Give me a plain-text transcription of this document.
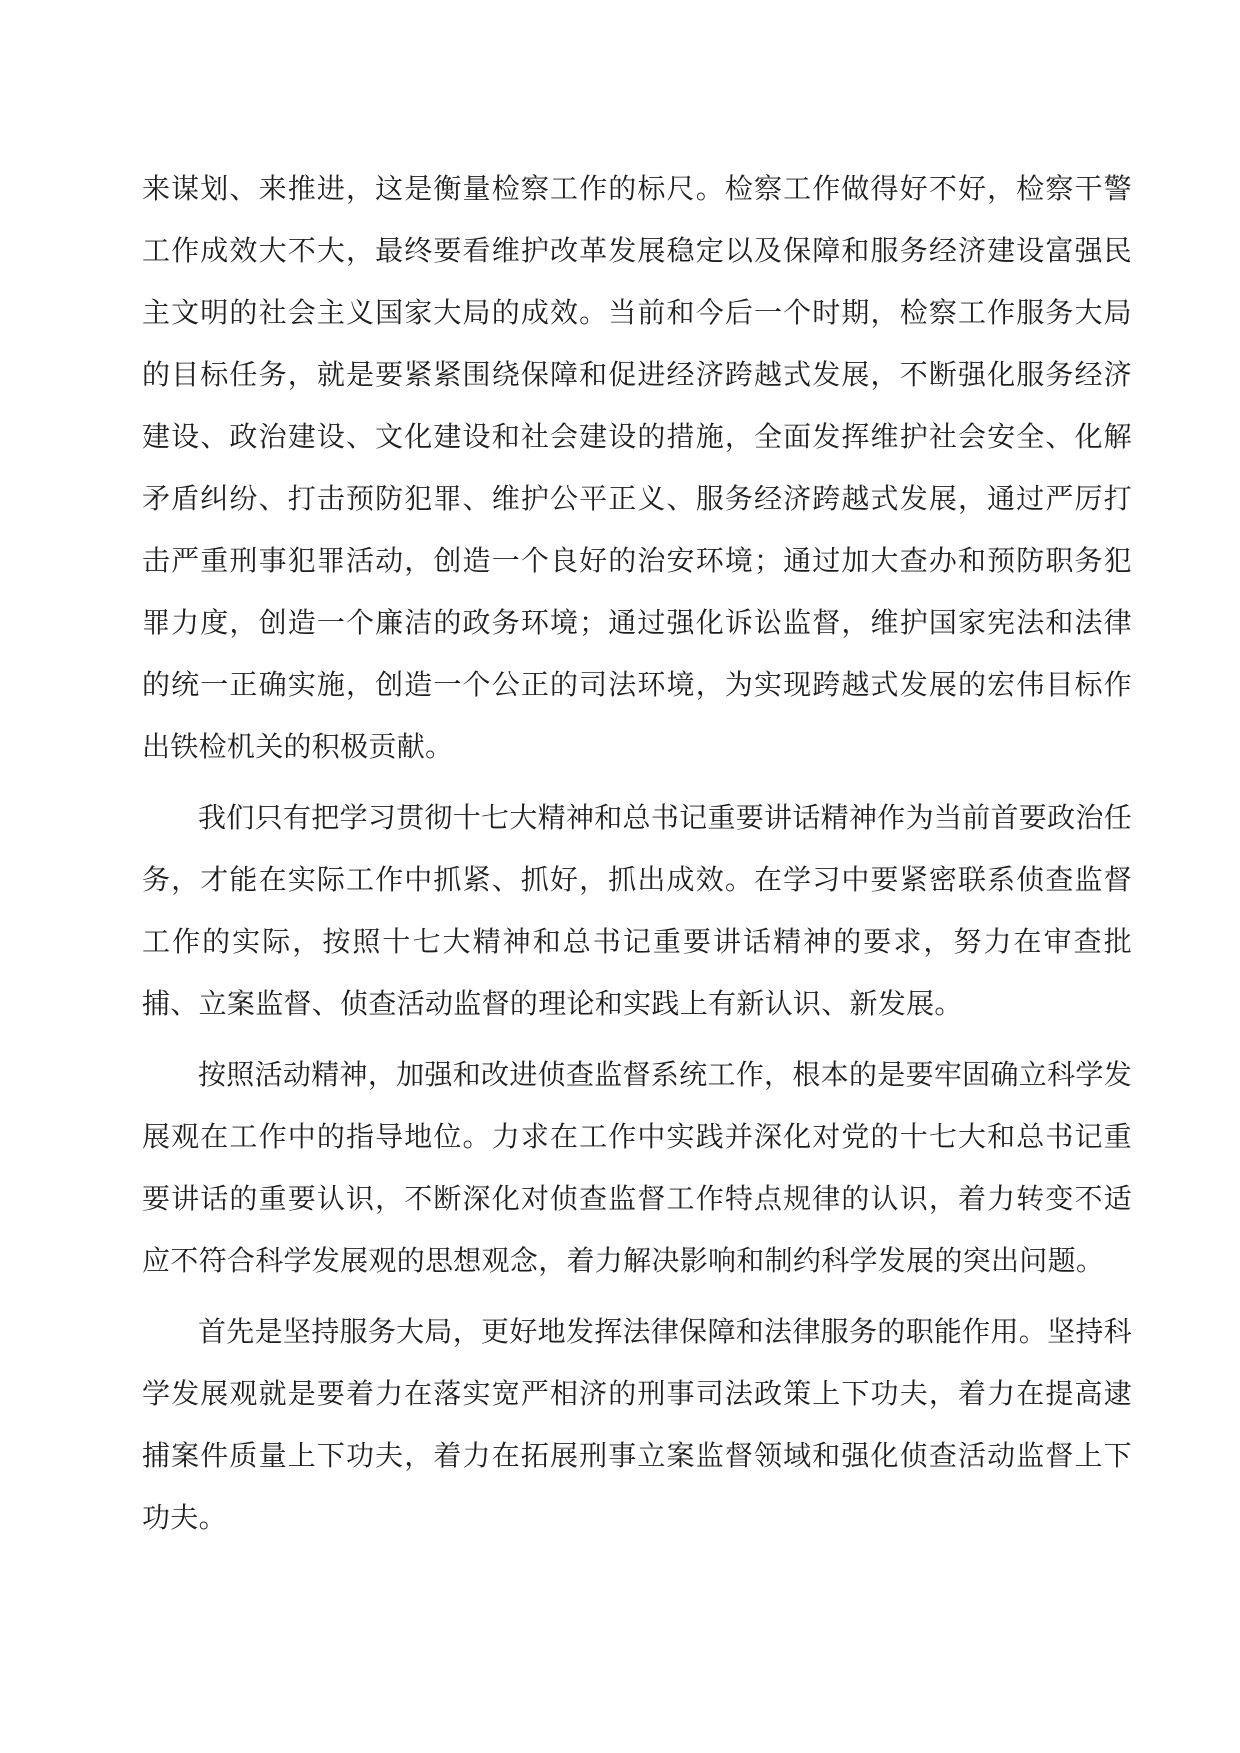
来谋划、来推进，这是衡量检察工作的标尺。检察工作做得好不好，检察干警工作成效大不大，最终要看维护改革发展稳定以及保障和服务经济建设富强民主文明的社会主义国家大局的成效。当前和今后一个时期，检察工作服务大局的目标任务，就是要紧紧围绕保障和促进经济跨越式发展，不断强化服务经济建设、政治建设、文化建设和社会建设的措施，全面发挥维护社会安全、化解矛盾纠纷、打击预防犯罪、维护公平正义、服务经济跨越式发展，通过严厉打击严重刑事犯罪活动，创造一个良好的治安环境；通过加大查办和预防职务犯罪力度，创造一个廉洁的政务环境；通过强化诉讼监督，维护国家宪法和法律的统一正确实施，创造一个公正的司法环境，为实现跨越式发展的宏伟目标作出铁检机关的积极贡献。

我们只有把学习贯彻十七大精神和总书记重要讲话精神作为当前首要政治任务，才能在实际工作中抓紧、抓好，抓出成效。在学习中要紧密联系侦查监督工作的实际，按照十七大精神和总书记重要讲话精神的要求，努力在审查批捕、立案监督、侦查活动监督的理论和实践上有新认识、新发展。

按照活动精神，加强和改进侦查监督系统工作，根本的是要牢固确立科学发展观在工作中的指导地位。力求在工作中实践并深化对党的十七大和总书记重要讲话的重要认识，不断深化对侦查监督工作特点规律的认识，着力转变不适应不符合科学发展观的思想观念，着力解决影响和制约科学发展的突出问题。

首先是坚持服务大局，更好地发挥法律保障和法律服务的职能作用。坚持科学发展观就是要着力在落实宽严相济的刑事司法政策上下功夫，着力在提高逮捕案件质量上下功夫，着力在拓展刑事立案监督领域和强化侦查活动监督上下功夫。
